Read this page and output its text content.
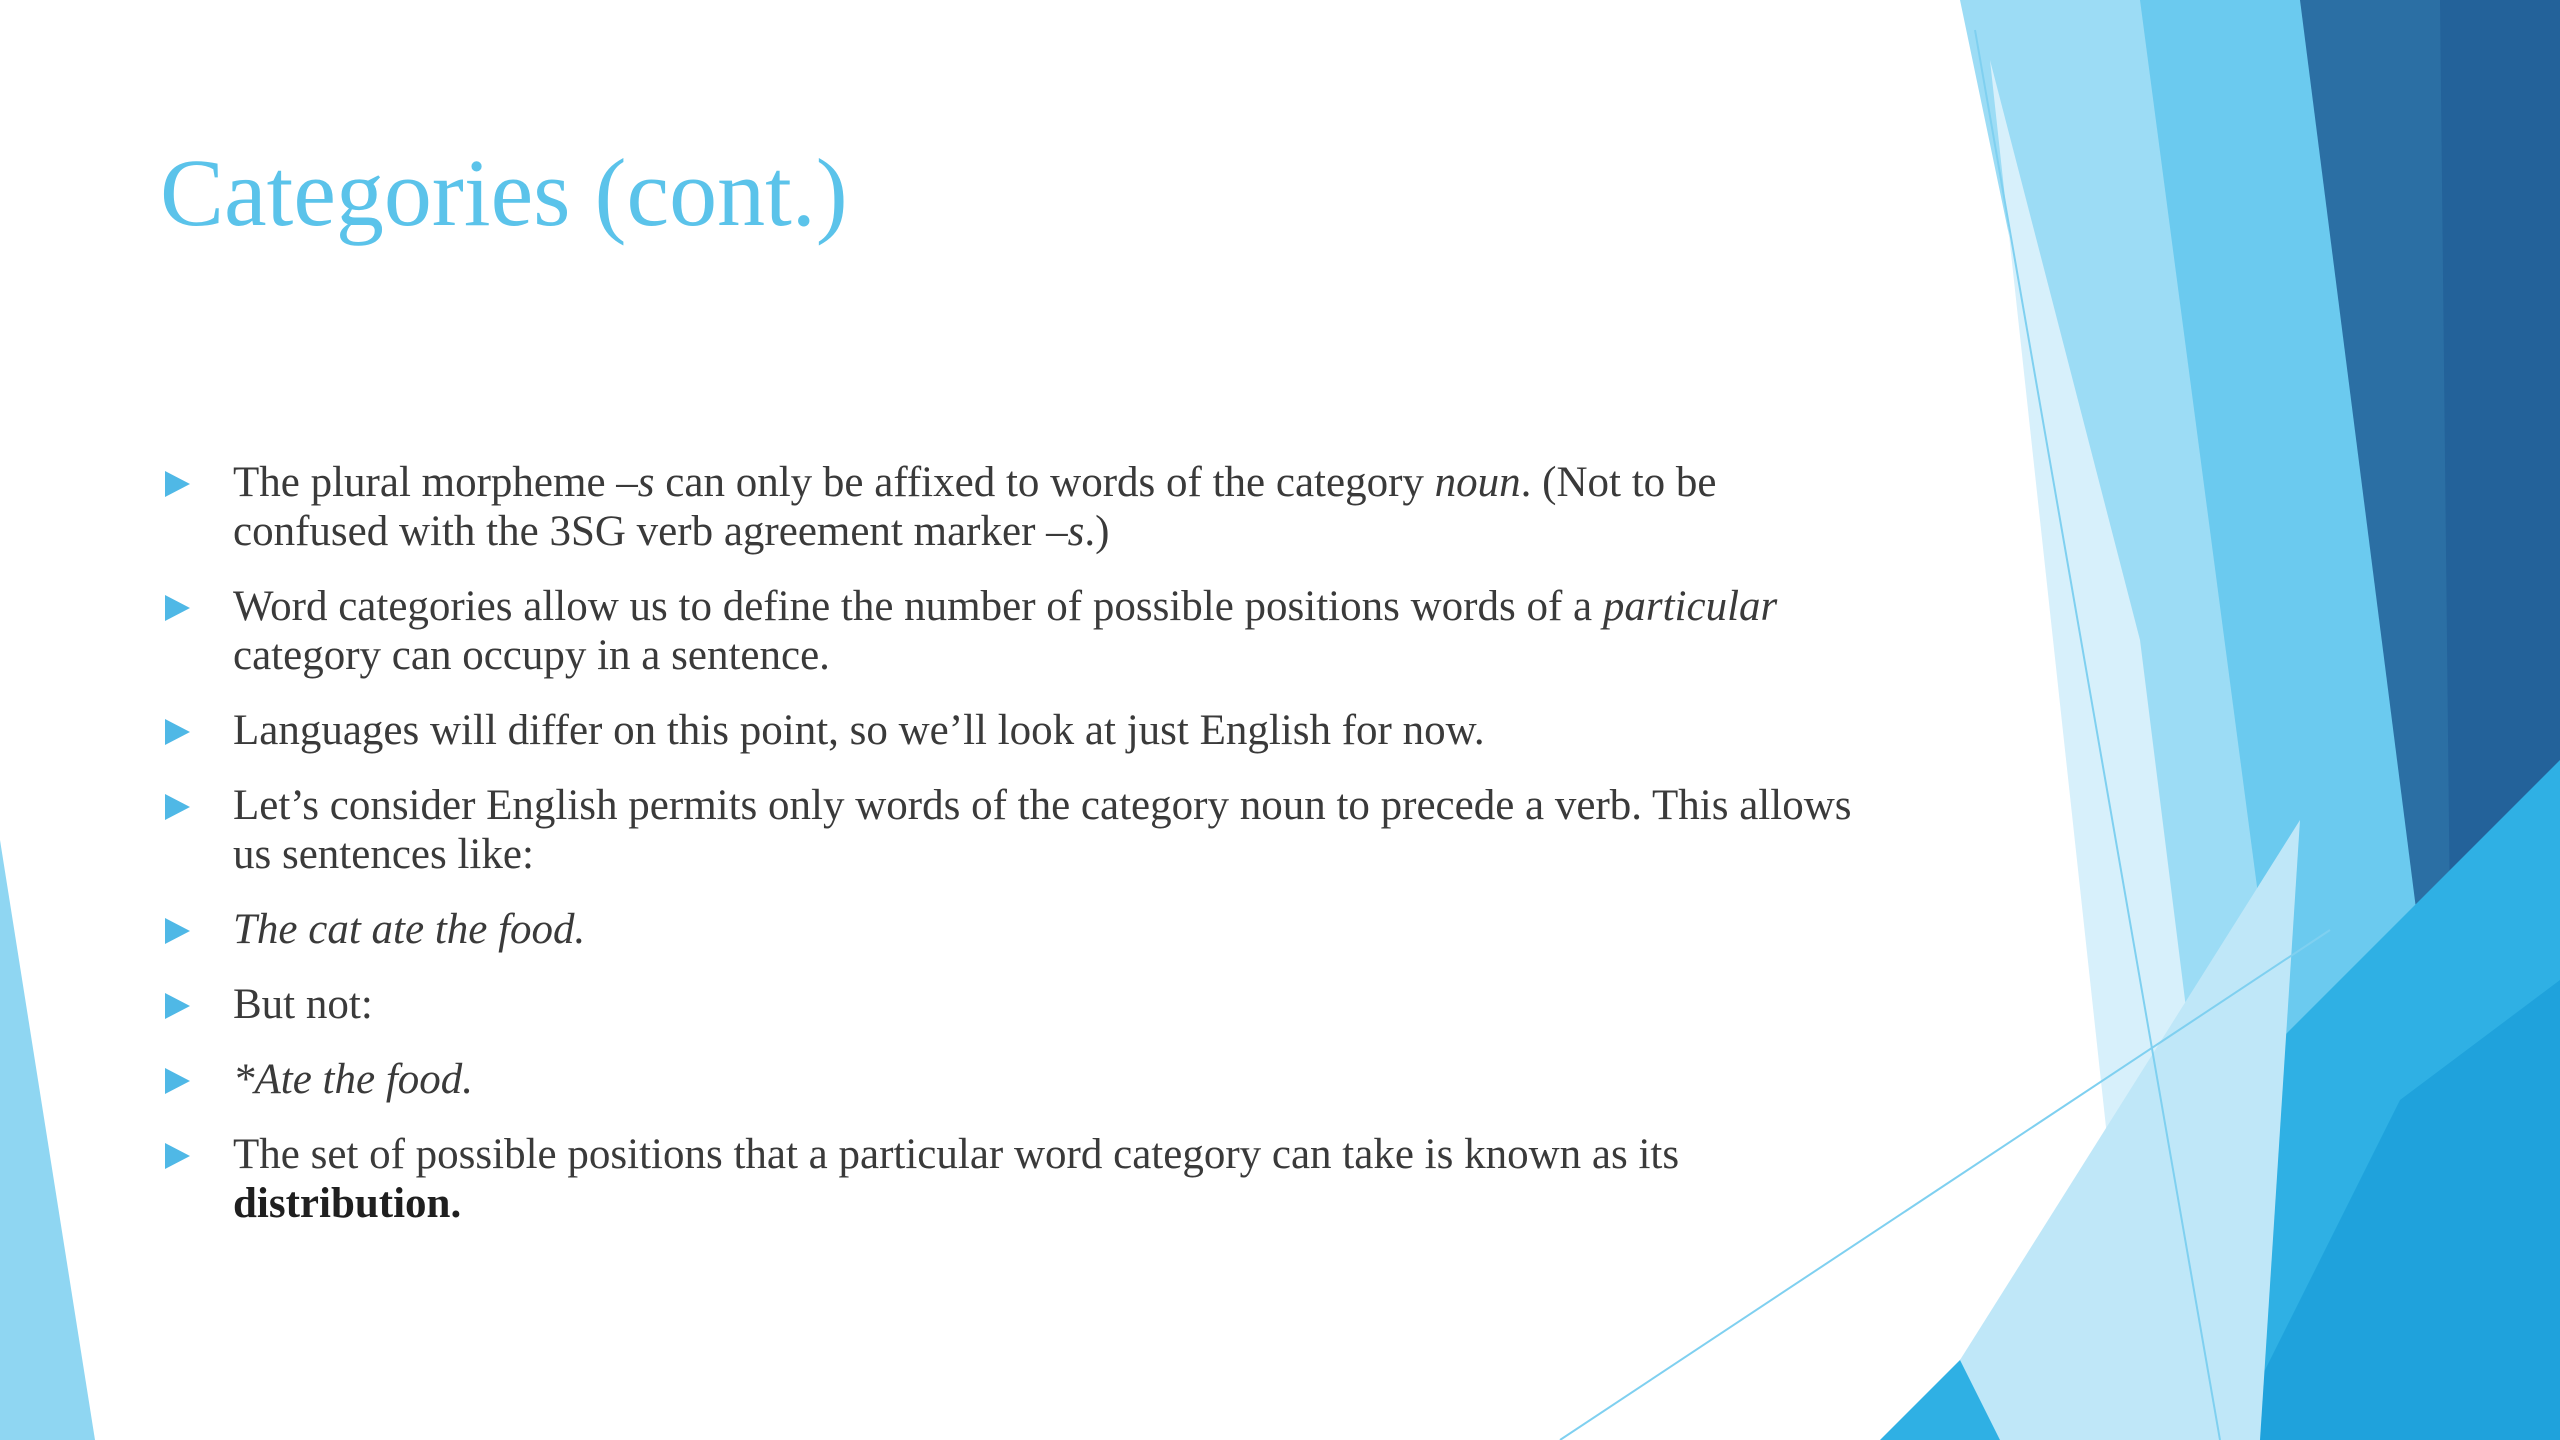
Categories (cont.)
The plural morpheme –s can only be affixed to words of the category noun. (Not to be confused with the 3SG verb agreement marker –s.)
Word categories allow us to define the number of possible positions words of a particular category can occupy in a sentence.
Languages will differ on this point, so we’ll look at just English for now.
Let’s consider English permits only words of the category noun to precede a verb. This allows us sentences like:
The cat ate the food.
But not:
*Ate the food.
The set of possible positions that a particular word category can take is known as its distribution.
